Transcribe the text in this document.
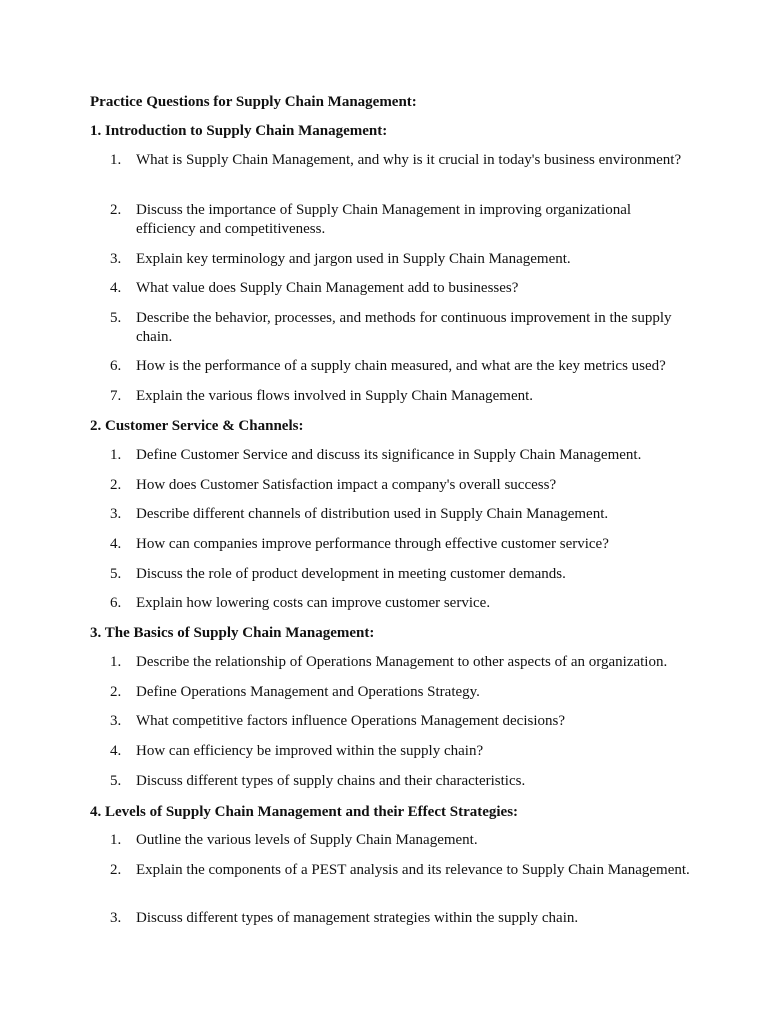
Practice Questions for Supply Chain Management:
1. Introduction to Supply Chain Management:
1. What is Supply Chain Management, and why is it crucial in today's business environment?
2. Discuss the importance of Supply Chain Management in improving organizational efficiency and competitiveness.
3. Explain key terminology and jargon used in Supply Chain Management.
4. What value does Supply Chain Management add to businesses?
5. Describe the behavior, processes, and methods for continuous improvement in the supply chain.
6. How is the performance of a supply chain measured, and what are the key metrics used?
7. Explain the various flows involved in Supply Chain Management.
2. Customer Service & Channels:
1. Define Customer Service and discuss its significance in Supply Chain Management.
2. How does Customer Satisfaction impact a company's overall success?
3. Describe different channels of distribution used in Supply Chain Management.
4. How can companies improve performance through effective customer service?
5. Discuss the role of product development in meeting customer demands.
6. Explain how lowering costs can improve customer service.
3. The Basics of Supply Chain Management:
1. Describe the relationship of Operations Management to other aspects of an organization.
2. Define Operations Management and Operations Strategy.
3. What competitive factors influence Operations Management decisions?
4. How can efficiency be improved within the supply chain?
5. Discuss different types of supply chains and their characteristics.
4. Levels of Supply Chain Management and their Effect Strategies:
1. Outline the various levels of Supply Chain Management.
2. Explain the components of a PEST analysis and its relevance to Supply Chain Management.
3. Discuss different types of management strategies within the supply chain.
